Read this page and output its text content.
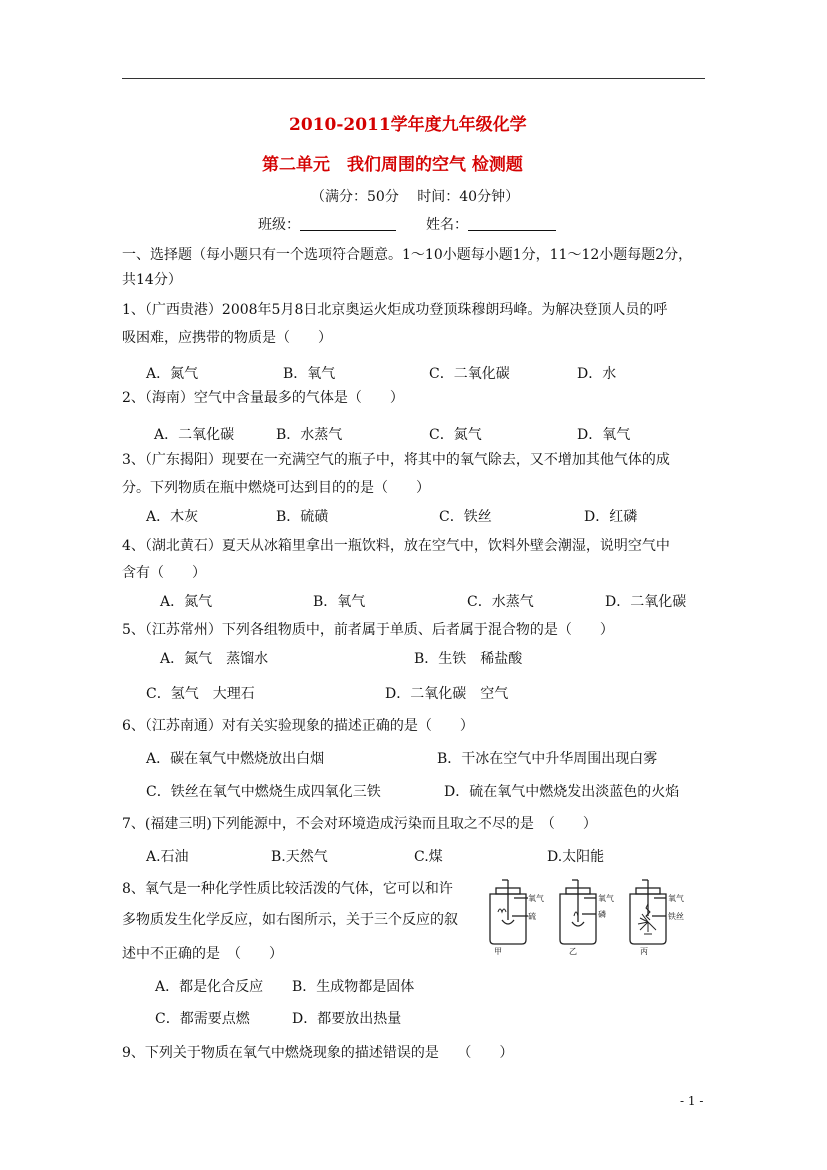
2010-2011学年度九年级化学
第二单元　我们周围的空气 检测题
（满分：50分　 时间：40分钟）
班级：	姓名：
一、选择题（每小题只有一个选项符合题意。1～10小题每小题1分，11～12小题每题2分，
共14分）
1、（广西贵港）2008年5月8日北京奥运火炬成功登顶珠穆朗玛峰。为解决登顶人员的呼
吸困难，应携带的物质是（　　）
A．氮气	B．氧气	C．二氧化碳	D．水
2、（海南）空气中含量最多的气体是（　　）
A．二氧化碳	B．水蒸气	C．氮气	D．氧气
3、（广东揭阳）现要在一充满空气的瓶子中，将其中的氧气除去，又不增加其他气体的成
分。下列物质在瓶中燃烧可达到目的的是（　　）
A．木灰	B．硫磺	C．铁丝	D．红磷
4、（湖北黄石）夏天从冰箱里拿出一瓶饮料，放在空气中，饮料外壁会潮湿，说明空气中
含有（　　）
A．氮气	B．氧气	C．水蒸气	D．二氧化碳
5、（江苏常州）下列各组物质中，前者属于单质、后者属于混合物的是（　　）
A．氮气　蒸馏水	B．生铁　稀盐酸
C．氢气　大理石	D．二氧化碳　空气
6、（江苏南通）对有关实验现象的描述正确的是（　　）
A．碳在氧气中燃烧放出白烟	B．干冰在空气中升华周围出现白雾
C．铁丝在氧气中燃烧生成四氧化三铁	D．硫在氧气中燃烧发出淡蓝色的火焰
7、(福建三明)下列能源中，不会对环境造成污染而且取之不尽的是　（　　）
A.石油	B.天然气	C.煤	D.太阳能
8、氧气是一种化学性质比较活泼的气体，它可以和许
多物质发生化学反应，如右图所示，关于三个反应的叙
述中不正确的是　（　　）
A．都是化合反应 B．生成物都是固体
C．都需要点燃	D．都要放出热量
氧气
硫
氧气
磷
氧气
铁丝
甲	乙	丙
9、下列关于物质在氧气中燃烧现象的描述错误的是　 （　　）
- 1 -
